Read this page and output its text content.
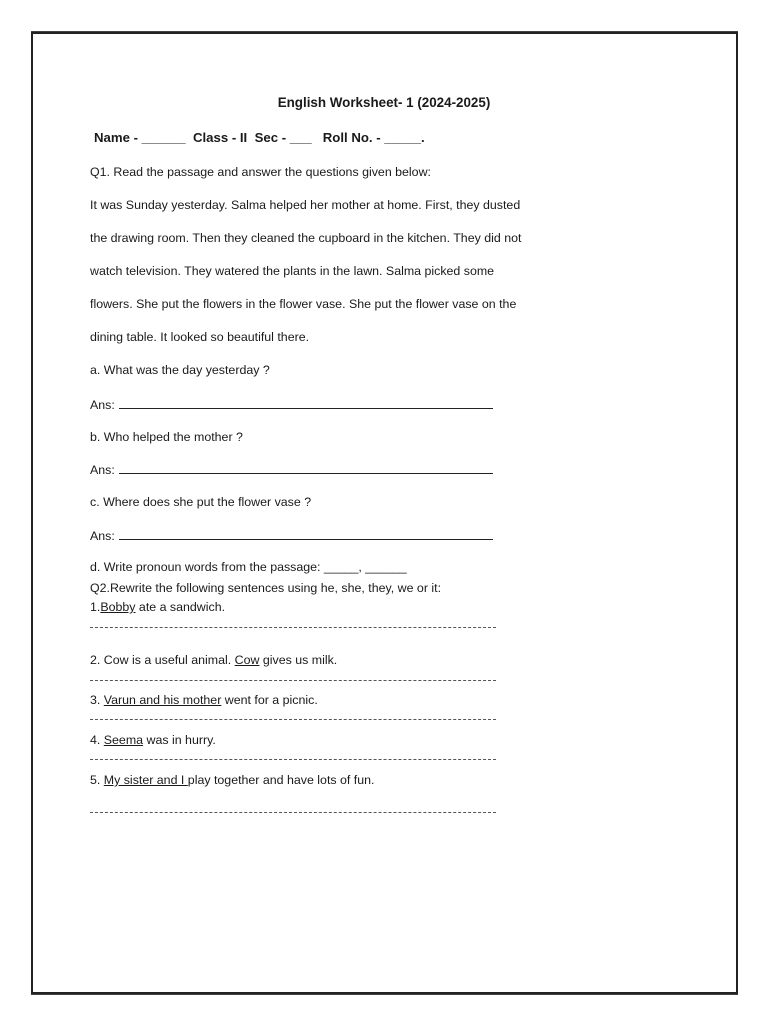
English Worksheet- 1 (2024-2025)
Name - ______ Class - II Sec - ___ Roll No. - _____.
Q1. Read the passage and answer the questions given below:
It was Sunday yesterday. Salma helped her mother at home. First, they dusted
the drawing room. Then they cleaned the cupboard in the kitchen. They did not
watch television. They watered the plants in the lawn. Salma picked some
flowers. She put the flowers in the flower vase. She put the flower vase on the
dining table. It looked so beautiful there.
a. What was the day yesterday ?
Ans:
b. Who helped the mother ?
Ans:
c. Where does she put the flower vase ?
Ans:
d. Write pronoun words from the passage: _____, ______
Q2.Rewrite the following sentences using he, she, they, we or it:
1.Bobby ate a sandwich.
2. Cow is a useful animal. Cow gives us milk.
3. Varun and his mother went for a picnic.
4. Seema was in hurry.
5. My sister and I play together and have lots of fun.
